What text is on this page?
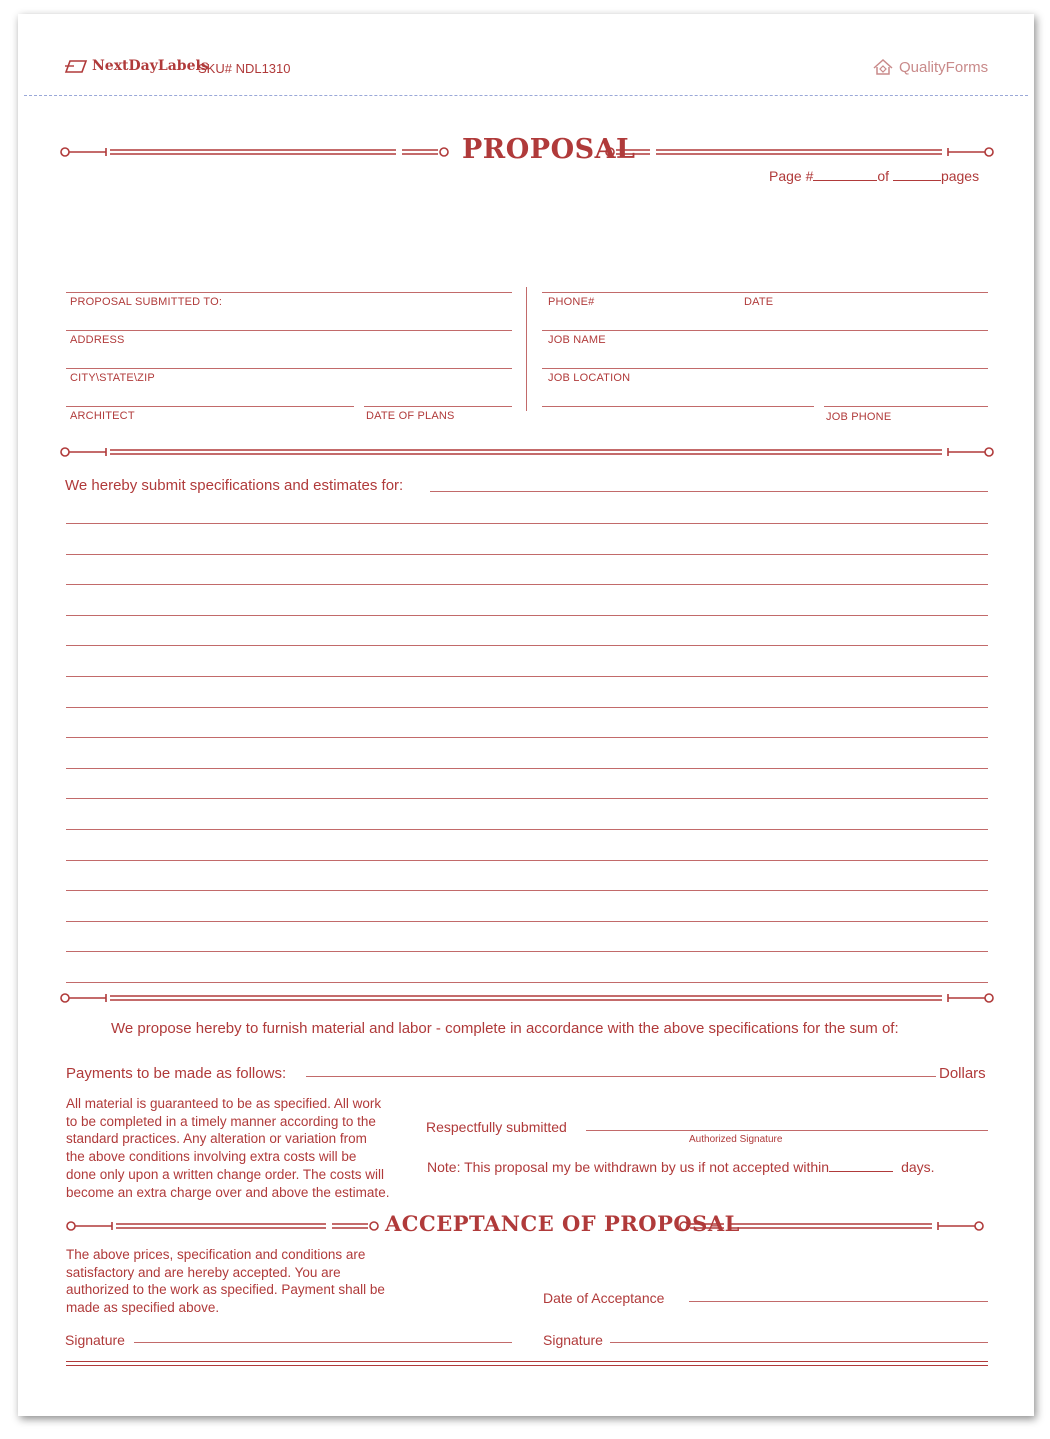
NextDayLabels
SKU# NDL1310	QualityForms
PROPOSAL
Page #	of	pages
PROPOSAL SUBMITTED TO:
ADDRESS
CITY\STATE\ZIP
ARCHITECT	DATE OF PLANS
PHONE#	DATE
JOB NAME
JOB LOCATION
JOB PHONE
We hereby submit specifications and estimates for:
We propose hereby to furnish material and labor - complete in accordance with the above specifications for the sum of:
Payments to be made as follows:	Dollars
All material is guaranteed to be as specified. All work
to be completed in a timely manner according to the
standard practices. Any alteration or variation from
the above conditions involving extra costs will be
done only upon a written change order. The costs will
become an extra charge over and above the estimate.
Respectfully submitted
Authorized Signature
Note: This proposal my be withdrawn by us if not accepted within	days.
ACCEPTANCE OF PROPOSAL
The above prices, specification and conditions are
satisfactory and are hereby accepted. You are
authorized to the work as specified. Payment shall be
made as specified above.
Date of Acceptance
Signature	Signature
